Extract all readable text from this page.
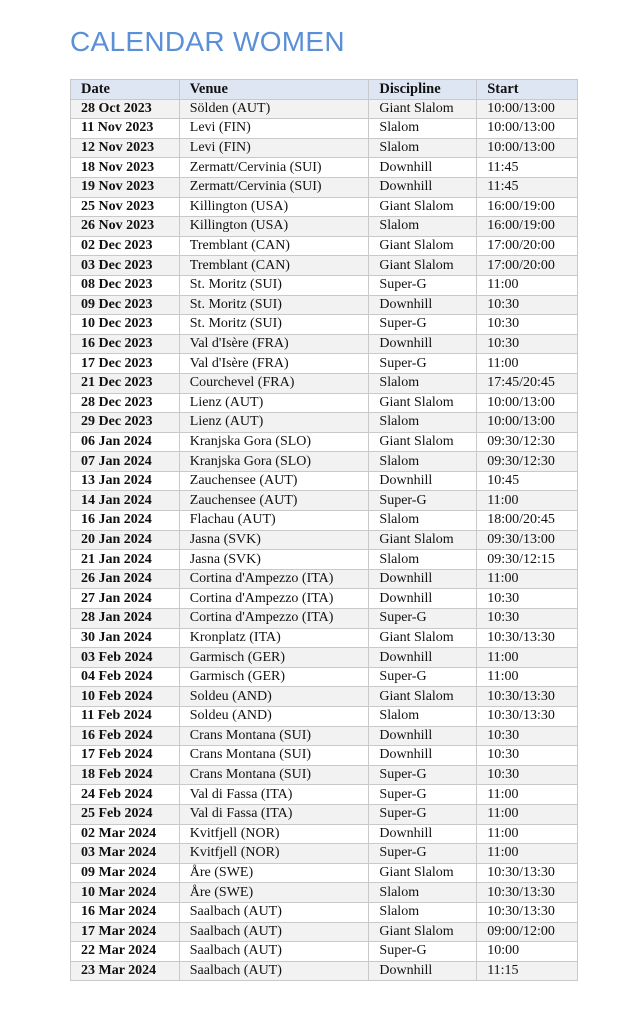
CALENDAR WOMEN
Date	Venue	Discipline	Start
28 Oct 2023	Sölden (AUT)	Giant Slalom	10:00/13:00
11 Nov 2023	Levi (FIN)	Slalom	10:00/13:00
12 Nov 2023	Levi (FIN)	Slalom	10:00/13:00
18 Nov 2023	Zermatt/Cervinia (SUI)	Downhill	11:45
19 Nov 2023	Zermatt/Cervinia (SUI)	Downhill	11:45
25 Nov 2023	Killington (USA)	Giant Slalom	16:00/19:00
26 Nov 2023	Killington (USA)	Slalom	16:00/19:00
02 Dec 2023	Tremblant (CAN)	Giant Slalom	17:00/20:00
03 Dec 2023	Tremblant (CAN)	Giant Slalom	17:00/20:00
08 Dec 2023	St. Moritz (SUI)	Super-G	11:00
09 Dec 2023	St. Moritz (SUI)	Downhill	10:30
10 Dec 2023	St. Moritz (SUI)	Super-G	10:30
16 Dec 2023	Val d'Isère (FRA)	Downhill	10:30
17 Dec 2023	Val d'Isère (FRA)	Super-G	11:00
21 Dec 2023	Courchevel (FRA)	Slalom	17:45/20:45
28 Dec 2023	Lienz (AUT)	Giant Slalom	10:00/13:00
29 Dec 2023	Lienz (AUT)	Slalom	10:00/13:00
06 Jan 2024	Kranjska Gora (SLO)	Giant Slalom	09:30/12:30
07 Jan 2024	Kranjska Gora (SLO)	Slalom	09:30/12:30
13 Jan 2024	Zauchensee (AUT)	Downhill	10:45
14 Jan 2024	Zauchensee (AUT)	Super-G	11:00
16 Jan 2024	Flachau (AUT)	Slalom	18:00/20:45
20 Jan 2024	Jasna (SVK)	Giant Slalom	09:30/13:00
21 Jan 2024	Jasna (SVK)	Slalom	09:30/12:15
26 Jan 2024	Cortina d'Ampezzo (ITA)	Downhill	11:00
27 Jan 2024	Cortina d'Ampezzo (ITA)	Downhill	10:30
28 Jan 2024	Cortina d'Ampezzo (ITA)	Super-G	10:30
30 Jan 2024	Kronplatz (ITA)	Giant Slalom	10:30/13:30
03 Feb 2024	Garmisch (GER)	Downhill	11:00
04 Feb 2024	Garmisch (GER)	Super-G	11:00
10 Feb 2024	Soldeu (AND)	Giant Slalom	10:30/13:30
11 Feb 2024	Soldeu (AND)	Slalom	10:30/13:30
16 Feb 2024	Crans Montana (SUI)	Downhill	10:30
17 Feb 2024	Crans Montana (SUI)	Downhill	10:30
18 Feb 2024	Crans Montana (SUI)	Super-G	10:30
24 Feb 2024	Val di Fassa (ITA)	Super-G	11:00
25 Feb 2024	Val di Fassa (ITA)	Super-G	11:00
02 Mar 2024	Kvitfjell (NOR)	Downhill	11:00
03 Mar 2024	Kvitfjell (NOR)	Super-G	11:00
09 Mar 2024	Åre (SWE)	Giant Slalom	10:30/13:30
10 Mar 2024	Åre (SWE)	Slalom	10:30/13:30
16 Mar 2024	Saalbach (AUT)	Slalom	10:30/13:30
17 Mar 2024	Saalbach (AUT)	Giant Slalom	09:00/12:00
22 Mar 2024	Saalbach (AUT)	Super-G	10:00
23 Mar 2024	Saalbach (AUT)	Downhill	11:15
